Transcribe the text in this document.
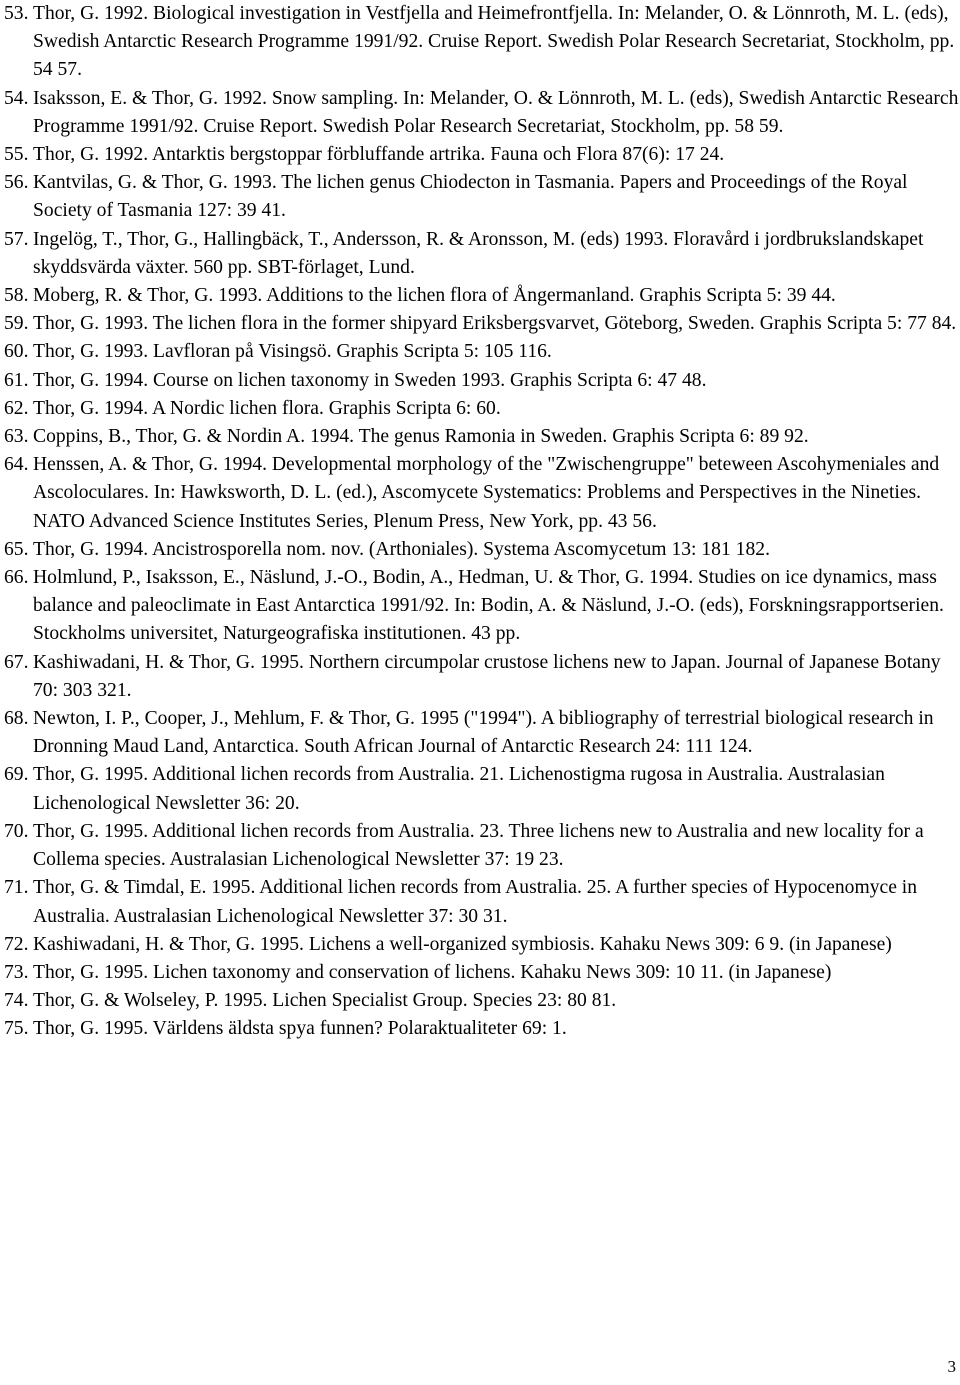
53. Thor, G. 1992. Biological investigation in Vestfjella and Heimefrontfjella. In: Melander, O. & Lönnroth, M. L. (eds), Swedish Antarctic Research Programme 1991/92. Cruise Report. Swedish Polar Research Secretariat, Stockholm, pp. 54 57.
54. Isaksson, E. & Thor, G. 1992. Snow sampling. In: Melander, O. & Lönnroth, M. L. (eds), Swedish Antarctic Research Programme 1991/92. Cruise Report. Swedish Polar Research Secretariat, Stockholm, pp. 58 59.
55. Thor, G. 1992. Antarktis bergstoppar förbluffande artrika. Fauna och Flora 87(6): 17 24.
56. Kantvilas, G. & Thor, G. 1993. The lichen genus Chiodecton in Tasmania. Papers and Proceedings of the Royal Society of Tasmania 127: 39 41.
57. Ingelög, T., Thor, G., Hallingbäck, T., Andersson, R. & Aronsson, M. (eds) 1993. Floravård i jordbrukslandskapet skyddsvärda växter. 560 pp. SBT-förlaget, Lund.
58. Moberg, R. & Thor, G. 1993. Additions to the lichen flora of Ångermanland. Graphis Scripta 5: 39 44.
59. Thor, G. 1993. The lichen flora in the former shipyard Eriksbergsvarvet, Göteborg, Sweden. Graphis Scripta 5: 77 84.
60. Thor, G. 1993. Lavfloran på Visingsö. Graphis Scripta 5: 105 116.
61. Thor, G. 1994. Course on lichen taxonomy in Sweden 1993. Graphis Scripta 6: 47 48.
62. Thor, G. 1994. A Nordic lichen flora. Graphis Scripta 6: 60.
63. Coppins, B., Thor, G. & Nordin A. 1994. The genus Ramonia in Sweden. Graphis Scripta 6: 89 92.
64. Henssen, A. & Thor, G. 1994. Developmental morphology of the "Zwischengruppe" beteween Ascohymeniales and Ascoloculares. In: Hawksworth, D. L. (ed.), Ascomycete Systematics: Problems and Perspectives in the Nineties. NATO Advanced Science Institutes Series, Plenum Press, New York, pp. 43 56.
65. Thor, G. 1994. Ancistrosporella nom. nov. (Arthoniales). Systema Ascomycetum 13: 181 182.
66. Holmlund, P., Isaksson, E., Näslund, J.-O., Bodin, A., Hedman, U. & Thor, G. 1994. Studies on ice dynamics, mass balance and paleoclimate in East Antarctica 1991/92. In: Bodin, A. & Näslund, J.-O. (eds), Forskningsrapportserien. Stockholms universitet, Naturgeografiska institutionen. 43 pp.
67. Kashiwadani, H. & Thor, G. 1995. Northern circumpolar crustose lichens new to Japan. Journal of Japanese Botany 70: 303 321.
68. Newton, I. P., Cooper, J., Mehlum, F. & Thor, G. 1995 ("1994"). A bibliography of terrestrial biological research in Dronning Maud Land, Antarctica. South African Journal of Antarctic Research 24: 111 124.
69. Thor, G. 1995. Additional lichen records from Australia. 21. Lichenostigma rugosa in Australia. Australasian Lichenological Newsletter 36: 20.
70. Thor, G. 1995. Additional lichen records from Australia. 23. Three lichens new to Australia and new locality for a Collema species. Australasian Lichenological Newsletter 37: 19 23.
71. Thor, G. & Timdal, E. 1995. Additional lichen records from Australia. 25. A further species of Hypocenomyce in Australia. Australasian Lichenological Newsletter 37: 30 31.
72. Kashiwadani, H. & Thor, G. 1995. Lichens a well-organized symbiosis. Kahaku News 309: 6 9. (in Japanese)
73. Thor, G. 1995. Lichen taxonomy and conservation of lichens. Kahaku News 309: 10 11. (in Japanese)
74. Thor, G. & Wolseley, P. 1995. Lichen Specialist Group. Species 23: 80 81.
75. Thor, G. 1995. Världens äldsta spya funnen? Polaraktualiteter 69: 1.
3
